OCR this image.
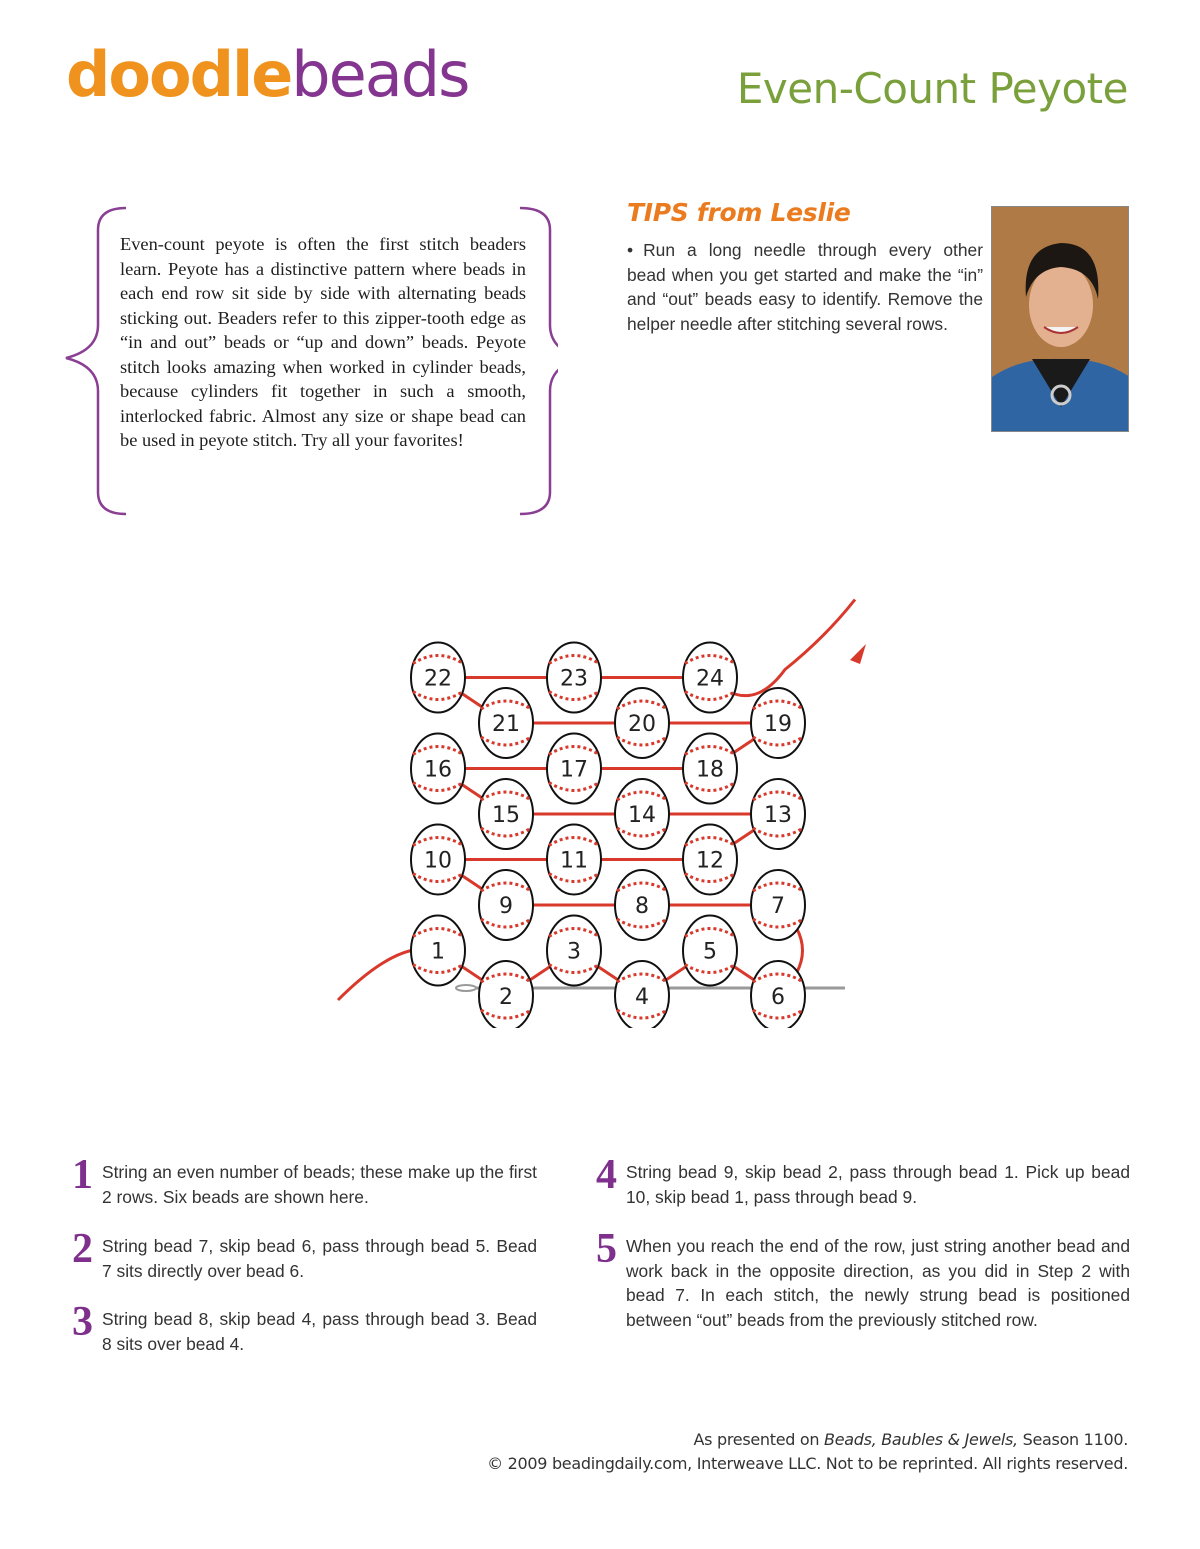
doodlebeads	Even-Count Peyote

Even-count peyote is often the first stitch beaders learn. Peyote has a distinctive pattern where beads in each end row sit side by side with alternating beads sticking out. Beaders refer to this zipper-tooth edge as “in and out” beads or “up and down” beads. Peyote stitch looks amazing when worked in cylinder beads, because cylinders fit together in such a smooth, interlocked fabric. Almost any size or shape bead can be used in peyote stitch. Try all your favorites!

TIPS from Leslie

• Run a long needle through every other bead when you get started and make the “in” and “out” beads easy to identify. Remove the helper needle after stitching several rows.

1
2
3
4
5
6
7
8
9
10	11	12
13
14
15
16	17	18
19
20
21
22	23	24
1 String an even number of beads; these make up the first 2 rows. Six beads are shown here.

2 String bead 7, skip bead 6, pass through bead 5. Bead 7 sits directly over bead 6.

3 String bead 8, skip bead 4, pass through bead 3. Bead 8 sits over bead 4.

4 String bead 9, skip bead 2, pass through bead 1. Pick up bead 10, skip bead 1, pass through bead 9.

5 When you reach the end of the row, just string another bead and work back in the opposite direction, as you did in Step 2 with bead 7. In each stitch, the newly strung bead is positioned between “out” beads from the previously stitched row.

As presented on Beads, Baubles & Jewels, Season 1100.

© 2009 beadingdaily.com, Interweave LLC. Not to be reprinted. All rights reserved.
